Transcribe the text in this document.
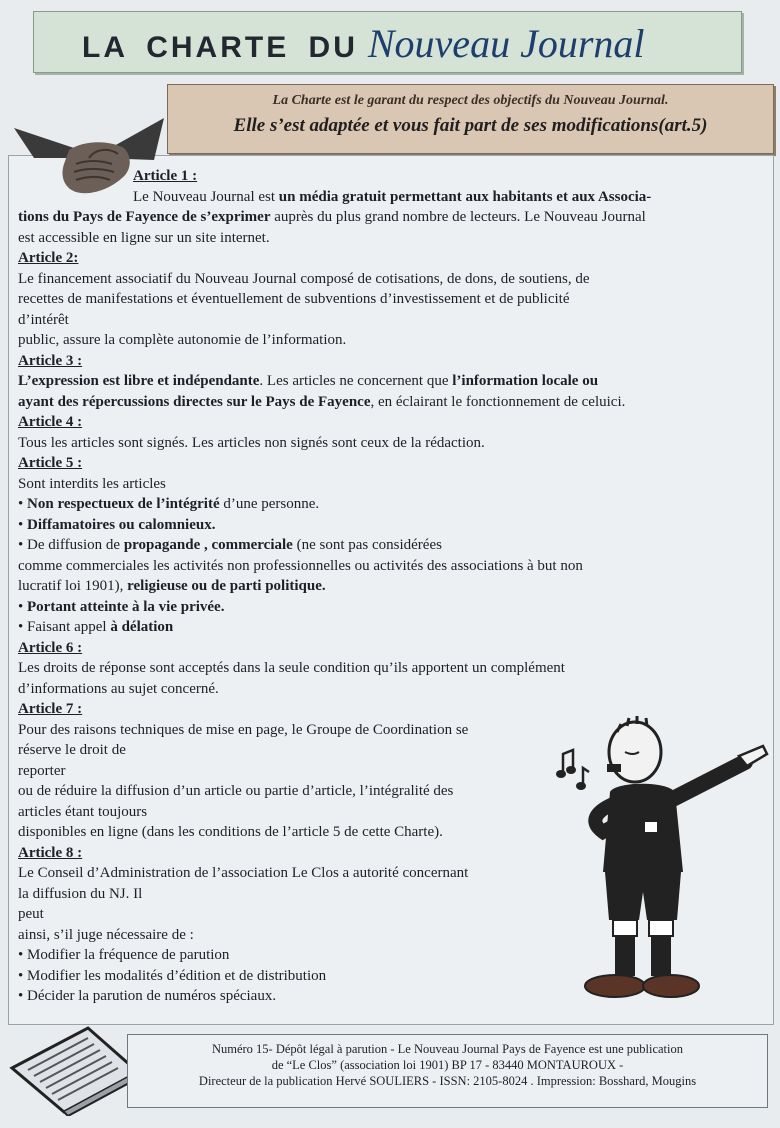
LA CHARTE DU Nouveau Journal
La Charte est le garant du respect des objectifs du Nouveau Journal.
Elle s’est adaptée et vous fait part de ses modifications(art.5)

Article 1 :

Le Nouveau Journal est un média gratuit permettant aux habitants et aux Associa-

tions du Pays de Fayence de s’exprimer auprès du plus grand nombre de lecteurs. Le Nouveau Journal

est accessible en ligne sur un site internet.

Article 2:

Le financement associatif du Nouveau Journal composé de cotisations, de dons, de soutiens, de

recettes de manifestations et éventuellement de subventions d’investissement et de publicité

d’intérêt

public, assure la complète autonomie de l’information.

Article 3 :

L’expression est libre et indépendante. Les articles ne concernent que l’information locale ou

ayant des répercussions directes sur le Pays de Fayence, en éclairant le fonctionnement de celuici.

Article 4 :

Tous les articles sont signés. Les articles non signés sont ceux de la rédaction.

Article 5 :

Sont interdits les articles

• Non respectueux de l’intégrité d’une personne.

• Diffamatoires ou calomnieux.

• De diffusion de propagande , commerciale (ne sont pas considérées

comme commerciales les activités non professionnelles ou activités des associations à but non

lucratif loi 1901), religieuse ou de parti politique.

• Portant atteinte à la vie privée.

• Faisant appel à délation

Article 6 :

Les droits de réponse sont acceptés dans la seule condition qu’ils apportent un complément

d’informations au sujet concerné.

Article 7 :

Pour des raisons techniques de mise en page, le Groupe de Coordination se

réserve le droit de

reporter

ou de réduire la diffusion d’un article ou partie d’article, l’intégralité des

articles étant toujours

disponibles en ligne (dans les conditions de l’article 5 de cette Charte).

Article 8 :

Le Conseil d’Administration de l’association Le Clos a autorité concernant

la diffusion du NJ. Il

peut

ainsi, s’il juge nécessaire de :

• Modifier la fréquence de parution

• Modifier les modalités d’édition et de distribution

• Décider la parution de numéros spéciaux.

Numéro 15- Dépôt légal à parution - Le Nouveau Journal Pays de Fayence est une publication
de “Le Clos” (association loi 1901) BP 17 - 83440 MONTAUROUX -
Directeur de la publication Hervé SOULIERS - ISSN: 2105-8024 . Impression: Bosshard, Mougins
